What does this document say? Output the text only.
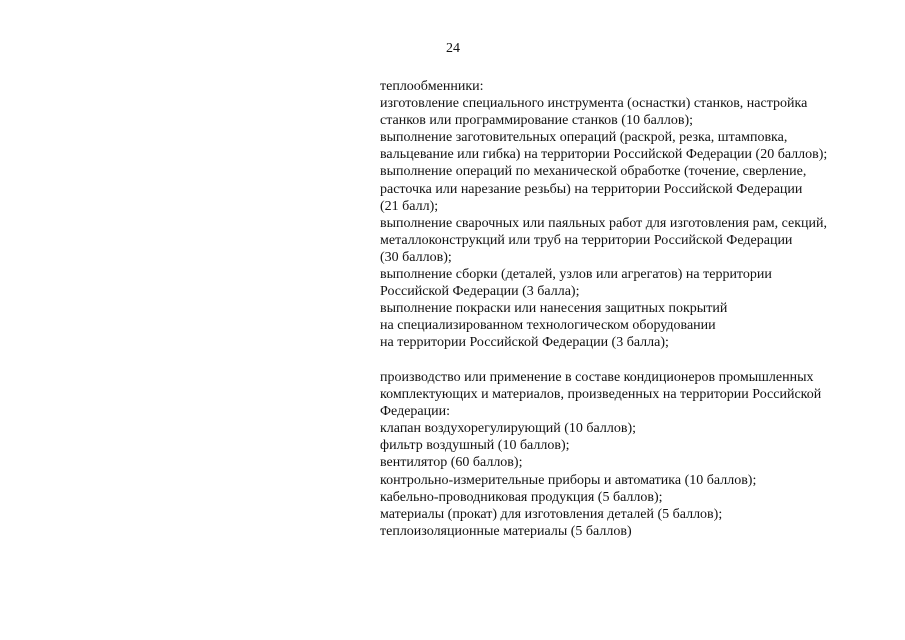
24
теплообменники:
изготовление специального инструмента (оснастки) станков, настройка
станков или программирование станков (10 баллов);
выполнение заготовительных операций (раскрой, резка, штамповка,
вальцевание или гибка) на территории Российской Федерации (20 баллов);
выполнение операций по механической обработке (точение, сверление,
расточка или нарезание резьбы) на территории Российской Федерации
(21 балл);
выполнение сварочных или паяльных работ для изготовления рам, секций,
металлоконструкций или труб на территории Российской Федерации
(30 баллов);
выполнение сборки (деталей, узлов или агрегатов) на территории
Российской Федерации (3 балла);
выполнение покраски или нанесения защитных покрытий
на специализированном технологическом оборудовании
на территории Российской Федерации (3 балла);
производство или применение в составе кондиционеров промышленных
комплектующих и материалов, произведенных на территории Российской
Федерации:
клапан воздухорегулирующий (10 баллов);
фильтр воздушный (10 баллов);
вентилятор (60 баллов);
контрольно-измерительные приборы и автоматика (10 баллов);
кабельно-проводниковая продукция (5 баллов);
материалы (прокат) для изготовления деталей (5 баллов);
теплоизоляционные материалы (5 баллов)
